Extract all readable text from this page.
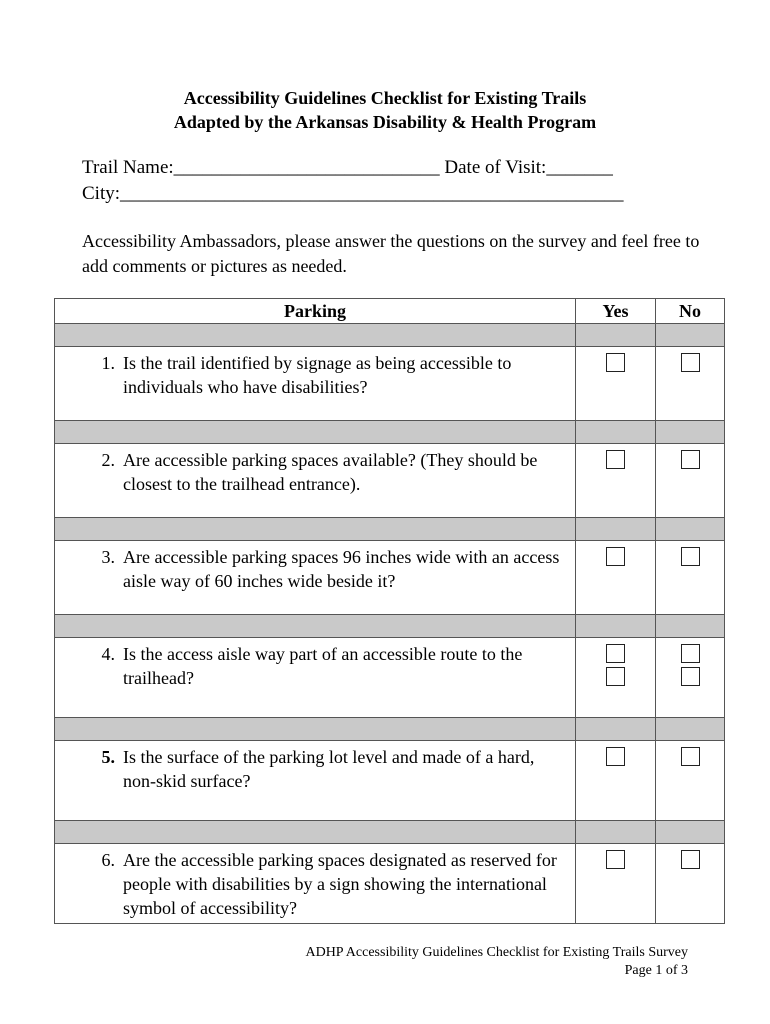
Accessibility Guidelines Checklist for Existing Trails
Adapted by the Arkansas Disability & Health Program
Trail Name:____________________________ Date of Visit:_______
City:_____________________________________________________
Accessibility Ambassadors, please answer the questions on the survey and feel free to add comments or pictures as needed.
Parking	Yes	No

1. Is the trail identified by signage as being accessible to individuals who have disabilities?		

2. Are accessible parking spaces available? (They should be closest to the trailhead entrance).		

3. Are accessible parking spaces 96 inches wide with an access aisle way of 60 inches wide beside it?		

4. Is the access aisle way part of an accessible route to the trailhead?		

5. Is the surface of the parking lot level and made of a hard, non-skid surface?		

6. Are the accessible parking spaces designated as reserved for people with disabilities by a sign showing the international symbol of accessibility?		

ADHP Accessibility Guidelines Checklist for Existing Trails Survey
Page 1 of 3
